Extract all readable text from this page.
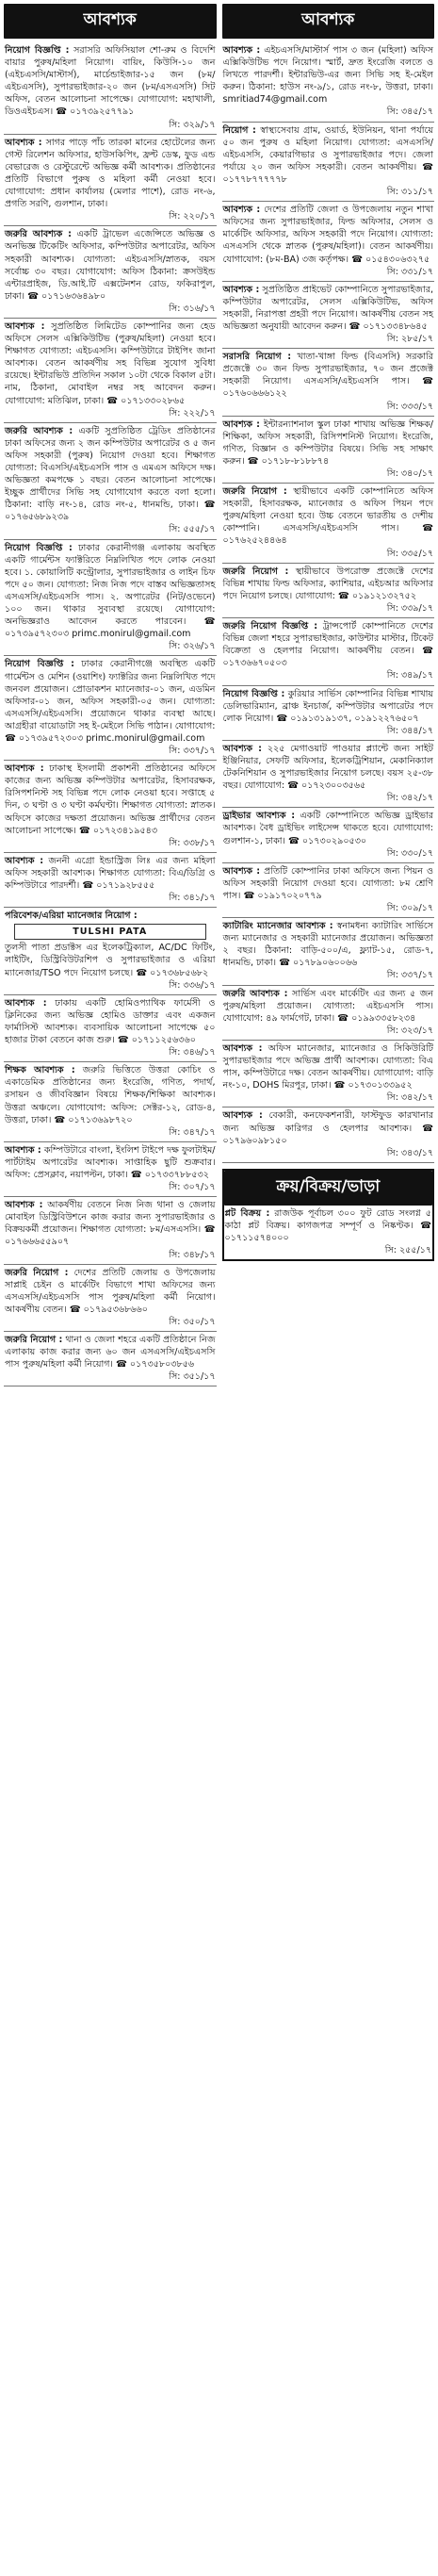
আবশ্যক
নিয়োগ বিজ্ঞপ্তি : সরাসরি অফিসিয়াল শো-রুম ও বিদেশি বায়ার পুরুষ/মহিলা নিয়োগ। বায়িং, কিউসি-১০ জন (এইচএসসি/মাস্টার্স), মার্চেন্ডাইজার-১৫ জন (৮ম/এইচএসসি), সুপারভাইজার-২০ জন (৮ম/এসএসসি) সিট অফিস, বেতন আলোচনা সাপেক্ষে। যোগাযোগ: মহাখালী, ডিওএইচএস। ☎ ০১৭৩৯২৫৭৭৯১
সি: ৩২৯/১৭
আবশ্যক : সাগর পাড়ে পাঁচ তারকা মানের হোটেলের জন্য গেস্ট রিলেশন অফিসার, হাউসকিপিং, ফ্রন্ট ডেস্ক, ফুড এন্ড বেভারেজ ও রেস্টুরেন্টে অভিজ্ঞ কর্মী আবশ্যক। প্রতিষ্ঠানের প্রতিটি বিভাগে পুরুষ ও মহিলা কর্মী নেওয়া হবে। যোগাযোগ: প্রধান কার্যালয় (মেলার পাশে), রোড নং-৬, প্রগতি সরণি, গুলশান, ঢাকা।
সি: ২২০/১৭
জরুরি আবশ্যক : একটি ট্রাভেল এজেন্সিতে অভিজ্ঞ ও অনভিজ্ঞ টিকেটিং অফিসার, কম্পিউটার অপারেটর, অফিস সহকারী আবশ্যক। যোগ্যতা: এইচএসসি/স্নাতক, বয়স সর্বোচ্চ ৩০ বছর। যোগাযোগ: অফিস ঠিকানা: ক্রসউইন্ড এন্টারপ্রাইজ, ডি.আই.টি এক্সটেনশন রোড, ফকিরাপুল, ঢাকা। ☎ ০১৭১৬৩৬৪৯৮০
সি: ৩১৬/১৭
আবশ্যক : সুপ্রতিষ্ঠিত লিমিটেড কোম্পানির জন্য হেড অফিসে সেলস এক্সিকিউটিভ (পুরুষ/মহিলা) নেওয়া হবে। শিক্ষাগত যোগ্যতা: এইচএসসি। কম্পিউটারে টাইপিং জানা আবশ্যক। বেতন আকর্ষণীয় সহ বিভিন্ন সুযোগ সুবিধা রয়েছে। ইন্টারভিউ প্রতিদিন সকাল ১০টা থেকে বিকাল ৫টা। নাম, ঠিকানা, মোবাইল নম্বর সহ আবেদন করুন। যোগাযোগ: মতিঝিল, ঢাকা। ☎ ০১৭১৩৩০২৮৬৫
সি: ২২২/১৭
জরুরি আবশ্যক : একটি সুপ্রতিষ্ঠিত ট্রেডিং প্রতিষ্ঠানের ঢাকা অফিসের জন্য ২ জন কম্পিউটার অপারেটর ও ৫ জন অফিস সহকারী (পুরুষ) নিয়োগ দেওয়া হবে। শিক্ষাগত যোগ্যতা: বিএসসি/এইচএসসি পাস ও এমএস অফিসে দক্ষ। অভিজ্ঞতা কমপক্ষে ১ বছর। বেতন আলোচনা সাপেক্ষে। ইচ্ছুক প্রার্থীদের সিভি সহ যোগাযোগ করতে বলা হলো। ঠিকানা: বাড়ি নং-১৪, রোড নং-৫, ধানমন্ডি, ঢাকা। ☎ ০১৭৬৫৬৮৯২৩৯
সি: ৫৫৫/১৭
নিয়োগ বিজ্ঞপ্তি : ঢাকার কেরানীগঞ্জ এলাকায় অবস্থিত একটি গার্মেন্টস ফ্যাক্টরিতে নিম্নলিখিত পদে লোক নেওয়া হবে। ১. কোয়ালিটি কন্ট্রোলার, সুপারভাইজার ও লাইন চিফ পদে ৫০ জন। যোগ্যতা: নিজ নিজ পদে বাস্তব অভিজ্ঞতাসহ এসএসসি/এইচএসসি পাস। ২. অপারেটর (নিট/ওভেনে) ১০০ জন। থাকার সুব্যবস্থা রয়েছে। যোগাযোগ: অনভিজ্ঞরাও আবেদন করতে পারবেন। ☎ ০১৭৩৯৫৭২৩০৩ primc.monirul@gmail.com
সি: ৩২৬/১৭
নিয়োগ বিজ্ঞপ্তি : ঢাকার কেরানীগঞ্জে অবস্থিত একটি গার্মেন্টস ও মেশিন (ওয়াশিং) ফ্যাক্টরির জন্য নিম্নলিখিত পদে জনবল প্রয়োজন। প্রোডাকশন ম্যানেজার-০১ জন, এডমিন অফিসার-০১ জন, অফিস সহকারী-০৫ জন। যোগ্যতা: এসএসসি/এইচএসসি। প্রয়োজনে থাকার ব্যবস্থা আছে। আগ্রহীরা বায়োডাটা সহ ই-মেইলে সিভি পাঠান। যোগাযোগ: ☎ ০১৭৩৯৫৭২৩০৩ primc.monirul@gmail.com
সি: ৩৩৭/১৭
আবশ্যক : ঢাকাস্থ ইসলামী প্রকাশনী প্রতিষ্ঠানের অফিসে কাজের জন্য অভিজ্ঞ কম্পিউটার অপারেটর, হিসাবরক্ষক, রিসিপশনিস্ট সহ বিভিন্ন পদে লোক নেওয়া হবে। সপ্তাহে ৫ দিন, ৩ ঘণ্টা ও ৩ ঘণ্টা কর্মঘণ্টা। শিক্ষাগত যোগ্যতা: স্নাতক। অফিসে কাজের দক্ষতা প্রয়োজন। অভিজ্ঞ প্রার্থীদের বেতন আলোচনা সাপেক্ষে। ☎ ০১৭২৩৪১৯৫৪৩
সি: ৩৩৮/১৭
আবশ্যক : জননী এগ্রো ইন্ডাস্ট্রিজ লিঃ এর জন্য মহিলা অফিস সহকারী আবশ্যক। শিক্ষাগত যোগ্যতা: বিএ/ডিগ্রি ও কম্পিউটারে পারদর্শী। ☎ ০১৭১৯২৮৫৫৫
সি: ৩৪১/১৭
পরিবেশক/এরিয়া ম্যানেজার নিয়োগ :
TULSHI PATA
তুলসী পাতা প্রডাক্টস এর ইলেকট্রিক্যাল, AC/DC ফিটিং, লাইটিং, ডিস্ট্রিবিউটরশিপ ও সুপারভাইজার ও এরিয়া ম্যানেজার/TSO পদে নিয়োগ চলছে। ☎ ০১৭৩৬৮৫৬৮২
সি: ৩৩৬/১৭
আবশ্যক : ঢাকায় একটি হোমিওপ্যাথিক ফার্মেসী ও ক্লিনিকের জন্য অভিজ্ঞ হোমিও ডাক্তার এবং একজন ফার্মাসিস্ট আবশ্যক। ব্যবসায়িক আলোচনা সাপেক্ষে ৫০ হাজার টাকা বেতনে কাজ শুরু। ☎ ০১৭১১২৫৬৩৬০
সি: ৩৪৬/১৭
শিক্ষক আবশ্যক : জরুরি ভিত্তিতে উত্তরা কোচিং ও একাডেমিক প্রতিষ্ঠানের জন্য ইংরেজি, গণিত, পদার্থ, রসায়ন ও জীববিজ্ঞান বিষয়ে শিক্ষক/শিক্ষিকা আবশ্যক। উত্তরা অঞ্চলে। যোগাযোগ: অফিস: সেক্টর-১২, রোড-৪, উত্তরা, ঢাকা। ☎ ০১৭১৩৬৯৮৭২০
সি: ৩৪৭/১৭
আবশ্যক : কম্পিউটারে বাংলা, ইংলিশ টাইপে দক্ষ ফুলটাইম/পার্টটাইম অপারেটর আবশ্যক। সাপ্তাহিক ছুটি শুক্রবার। অফিস: প্রেসক্লাব, নয়াপল্টন, ঢাকা। ☎ ০১৭৩৩৭৮৮৫৩২
সি: ৩০৭/১৭
আবশ্যক : আকর্ষণীয় বেতনে নিজ নিজ থানা ও জেলায় মোবাইল ডিস্ট্রিবিউশনে কাজ করার জন্য সুপারভাইজার ও বিক্রয়কর্মী প্রয়োজন। শিক্ষাগত যোগ্যতা: ৮ম/এসএসসি। ☎ ০১৭৬৬৬৫৫৯০৭
সি: ৩৪৮/১৭
জরুরি নিয়োগ : দেশের প্রতিটি জেলায় ও উপজেলায় সাপ্লাই চেইন ও মার্কেটিং বিভাগে শাখা অফিসের জন্য এসএসসি/এইচএসসি পাস পুরুষ/মহিলা কর্মী নিয়োগ। আকর্ষণীয় বেতন। ☎ ০১৭৯৫৩৬৮৬৬০
সি: ৩৫০/১৭
জরুরি নিয়োগ : থানা ও জেলা শহরে একটি প্রতিষ্ঠানে নিজ এলাকায় কাজ করার জন্য ৬০ জন এসএসসি/এইচএসসি পাস পুরুষ/মহিলা কর্মী নিয়োগ। ☎ ০১৭৩৫৮০৩৮৫৬
সি: ৩৫১/১৭
আবশ্যক
আবশ্যক : এইচএসসি/মাস্টার্স পাস ৩ জন (মহিলা) অফিস এক্সিকিউটিভ পদে নিয়োগ। স্মার্ট, দ্রুত ইংরেজি বলতে ও লিখতে পারদর্শী। ইন্টারভিউ-এর জন্য সিভি সহ ই-মেইল করুন। ঠিকানা: হাউস নং-৯/১, রোড নং-৮, উত্তরা, ঢাকা। smritiad74@gmail.com
সি: ৩৪৫/১৭
নিয়োগ : স্বাস্থ্যসেবায় গ্রাম, ওয়ার্ড, ইউনিয়ন, থানা পর্যায়ে ৫০ জন পুরুষ ও মহিলা নিয়োগ। যোগ্যতা: এসএসসি/এইচএসসি, কেয়ারগিভার ও সুপারভাইজার পদে। জেলা পর্যায়ে ২০ জন অফিস সহকারী। বেতন আকর্ষণীয়। ☎ ০১৭৭৮৭৭৭৭৭৮
সি: ৩১১/১৭
আবশ্যক : দেশের প্রতিটি জেলা ও উপজেলায় নতুন শাখা অফিসের জন্য সুপারভাইজার, ফিল্ড অফিসার, সেলস ও মার্কেটিং অফিসার, অফিস সহকারী পদে নিয়োগ। যোগ্যতা: এসএসসি থেকে স্নাতক (পুরুষ/মহিলা)। বেতন আকর্ষণীয়। যোগাযোগ: (৮ম-BA) ৩জ কর্তৃপক্ষ। ☎ ০১৫৪৩০৬৩২৭৫
সি: ৩৩১/১৭
আবশ্যক : সুপ্রতিষ্ঠিত প্রাইভেট কোম্পানিতে সুপারভাইজার, কম্পিউটার অপারেটর, সেলস এক্সিকিউটিভ, অফিস সহকারী, নিরাপত্তা প্রহরী পদে নিয়োগ। আকর্ষণীয় বেতন সহ অভিজ্ঞতা অনুযায়ী আবেদন করুন। ☎ ০১৭১৩৩৪৮৬৪৫
সি: ২৮৫/১৭
সরাসরি নিয়োগ : খাতা-খাঙ্গা ফিল্ড (বিএসসি) সরকারি প্রজেক্টে ৩০ জন ফিল্ড সুপারভাইজার, ৭০ জন প্রজেক্ট সহকারী নিয়োগ। এসএসসি/এইচএসসি পাস। ☎ ০১৭৬০৬৬৬১২২
সি: ৩৩৩/১৭
আবশ্যক : ইন্টারন্যাশনাল স্কুল ঢাকা শাখায় অভিজ্ঞ শিক্ষক/শিক্ষিকা, অফিস সহকারী, রিসিপশনিস্ট নিয়োগ। ইংরেজি, গণিত, বিজ্ঞান ও কম্পিউটার বিষয়ে। সিভি সহ সাক্ষাৎ করুন। ☎ ০১৭১৮-৮১৮৮৭৪
সি: ৩৪০/১৭
জরুরি নিয়োগ : স্থায়ীভাবে একটি কোম্পানিতে অফিস সহকারী, হিসাবরক্ষক, ম্যানেজার ও অফিস পিয়ন পদে পুরুষ/মহিলা নেওয়া হবে। উচ্চ বেতনে ভারতীয় ও দেশীয় কোম্পানি। এসএসসি/এইচএসসি পাস। ☎ ০১৭৬২৫২৪৪৬৪
সি: ৩৩৫/১৭
জরুরি নিয়োগ : স্থায়ীভাবে উপরোক্ত প্রজেক্টে দেশের বিভিন্ন শাখায় ফিল্ড অফিসার, ক্যাশিয়ার, এইচআর অফিসার পদে নিয়োগ চলছে। যোগাযোগ: ☎ ০১৯১২১৩২৭৫২
সি: ৩৩৯/১৭
জরুরি নিয়োগ বিজ্ঞপ্তি : ট্রান্সপোর্ট কোম্পানিতে দেশের বিভিন্ন জেলা শহরে সুপারভাইজার, কাউন্টার মাস্টার, টিকেট বিক্রেতা ও হেলপার নিয়োগ। আকর্ষণীয় বেতন। ☎ ০১৭৩৬৬৭০৫০৩
সি: ৩৪৯/১৭
নিয়োগ বিজ্ঞপ্তি : কুরিয়ার সার্ভিস কোম্পানির বিভিন্ন শাখায় ডেলিভারিম্যান, ব্রাঞ্চ ইনচার্জ, কম্পিউটার অপারেটর পদে লোক নিয়োগ। ☎ ০১৯১৩১৯১৩৭, ০১৯১২২৭৬৫০৭
সি: ৩৪৪/১৭
আবশ্যক : ২২৫ মেগাওয়াট পাওয়ার প্ল্যান্টে জন্য সাইট ইঞ্জিনিয়ার, সেফটি অফিসার, ইলেকট্রিশিয়ান, মেকানিক্যাল টেকনিশিয়ান ও সুপারভাইজার নিয়োগ চলছে। বয়স ২৫-৩৮ বছর। যোগাযোগ: ☎ ০১৭২৩০০৩৫৬৫
সি: ৩৪২/১৭
ড্রাইভার আবশ্যক : একটি কোম্পানিতে অভিজ্ঞ ড্রাইভার আবশ্যক। বৈধ ড্রাইভিং লাইসেন্স থাকতে হবে। যোগাযোগ: গুলশান-১, ঢাকা। ☎ ০১৭৩০২৯০৫৩০
সি: ৩৩০/১৭
আবশ্যক : প্রতিটি কোম্পানির ঢাকা অফিসে জন্য পিয়ন ও অফিস সহকারী নিয়োগ দেওয়া হবে। যোগ্যতা: ৮ম শ্রেণি পাস। ☎ ০১৯১৭০২০৭৭৯
সি: ৩০৯/১৭
ক্যাটারিং ম্যানেজার আবশ্যক : স্বনামধন্য ক্যাটারিং সার্ভিসে জন্য ম্যানেজার ও সহকারী ম্যানেজার প্রয়োজন। অভিজ্ঞতা ২ বছর। ঠিকানা: বাড়ি-৫০০/এ, ফ্ল্যাট-১৫, রোড-৭, ধানমন্ডি, ঢাকা। ☎ ০১৭৮৯০৬০০৬৬
সি: ৩৩৭/১৭
জরুরি আবশ্যক : সার্ভিস এবং মার্কেটিং এর জন্য ৫ জন পুরুষ/মহিলা প্রয়োজন। যোগ্যতা: এইচএসসি পাস। যোগাযোগ: ৪৯ ফার্মগেট, ঢাকা। ☎ ০১৯৯৩৩৫৮২৩৪
সি: ৩২৩/১৭
আবশ্যক : অফিস ম্যানেজার, ম্যানেজার ও সিকিউরিটি সুপারভাইজার পদে অভিজ্ঞ প্রার্থী আবশ্যক। যোগ্যতা: বিএ পাস, কম্পিউটারে দক্ষ। বেতন আকর্ষণীয়। যোগাযোগ: বাড়ি নং-১০, DOHS মিরপুর, ঢাকা। ☎ ০১৭৩০১৩৩৯৫২
সি: ৩৪২/১৭
আবশ্যক : বেকারী, কনফেকশনারী, ফাস্টফুড কারখানার জন্য অভিজ্ঞ কারিগর ও হেলপার আবশ্যক। ☎ ০১৭৯৬০৯৮১৫০
সি: ৩৪৩/১৭
ক্রয়/বিক্রয়/ভাড়া
প্লট বিক্রয় : রাজউক পূর্বাচল ৩০০ ফুট রোড সংলগ্ন ৫ কাঠা প্লট বিক্রয়। কাগজপত্র সম্পূর্ণ ও নিষ্কণ্টক। ☎ ০১৭১১৫৭৪০০০
সি: ২৫৫/১৭
